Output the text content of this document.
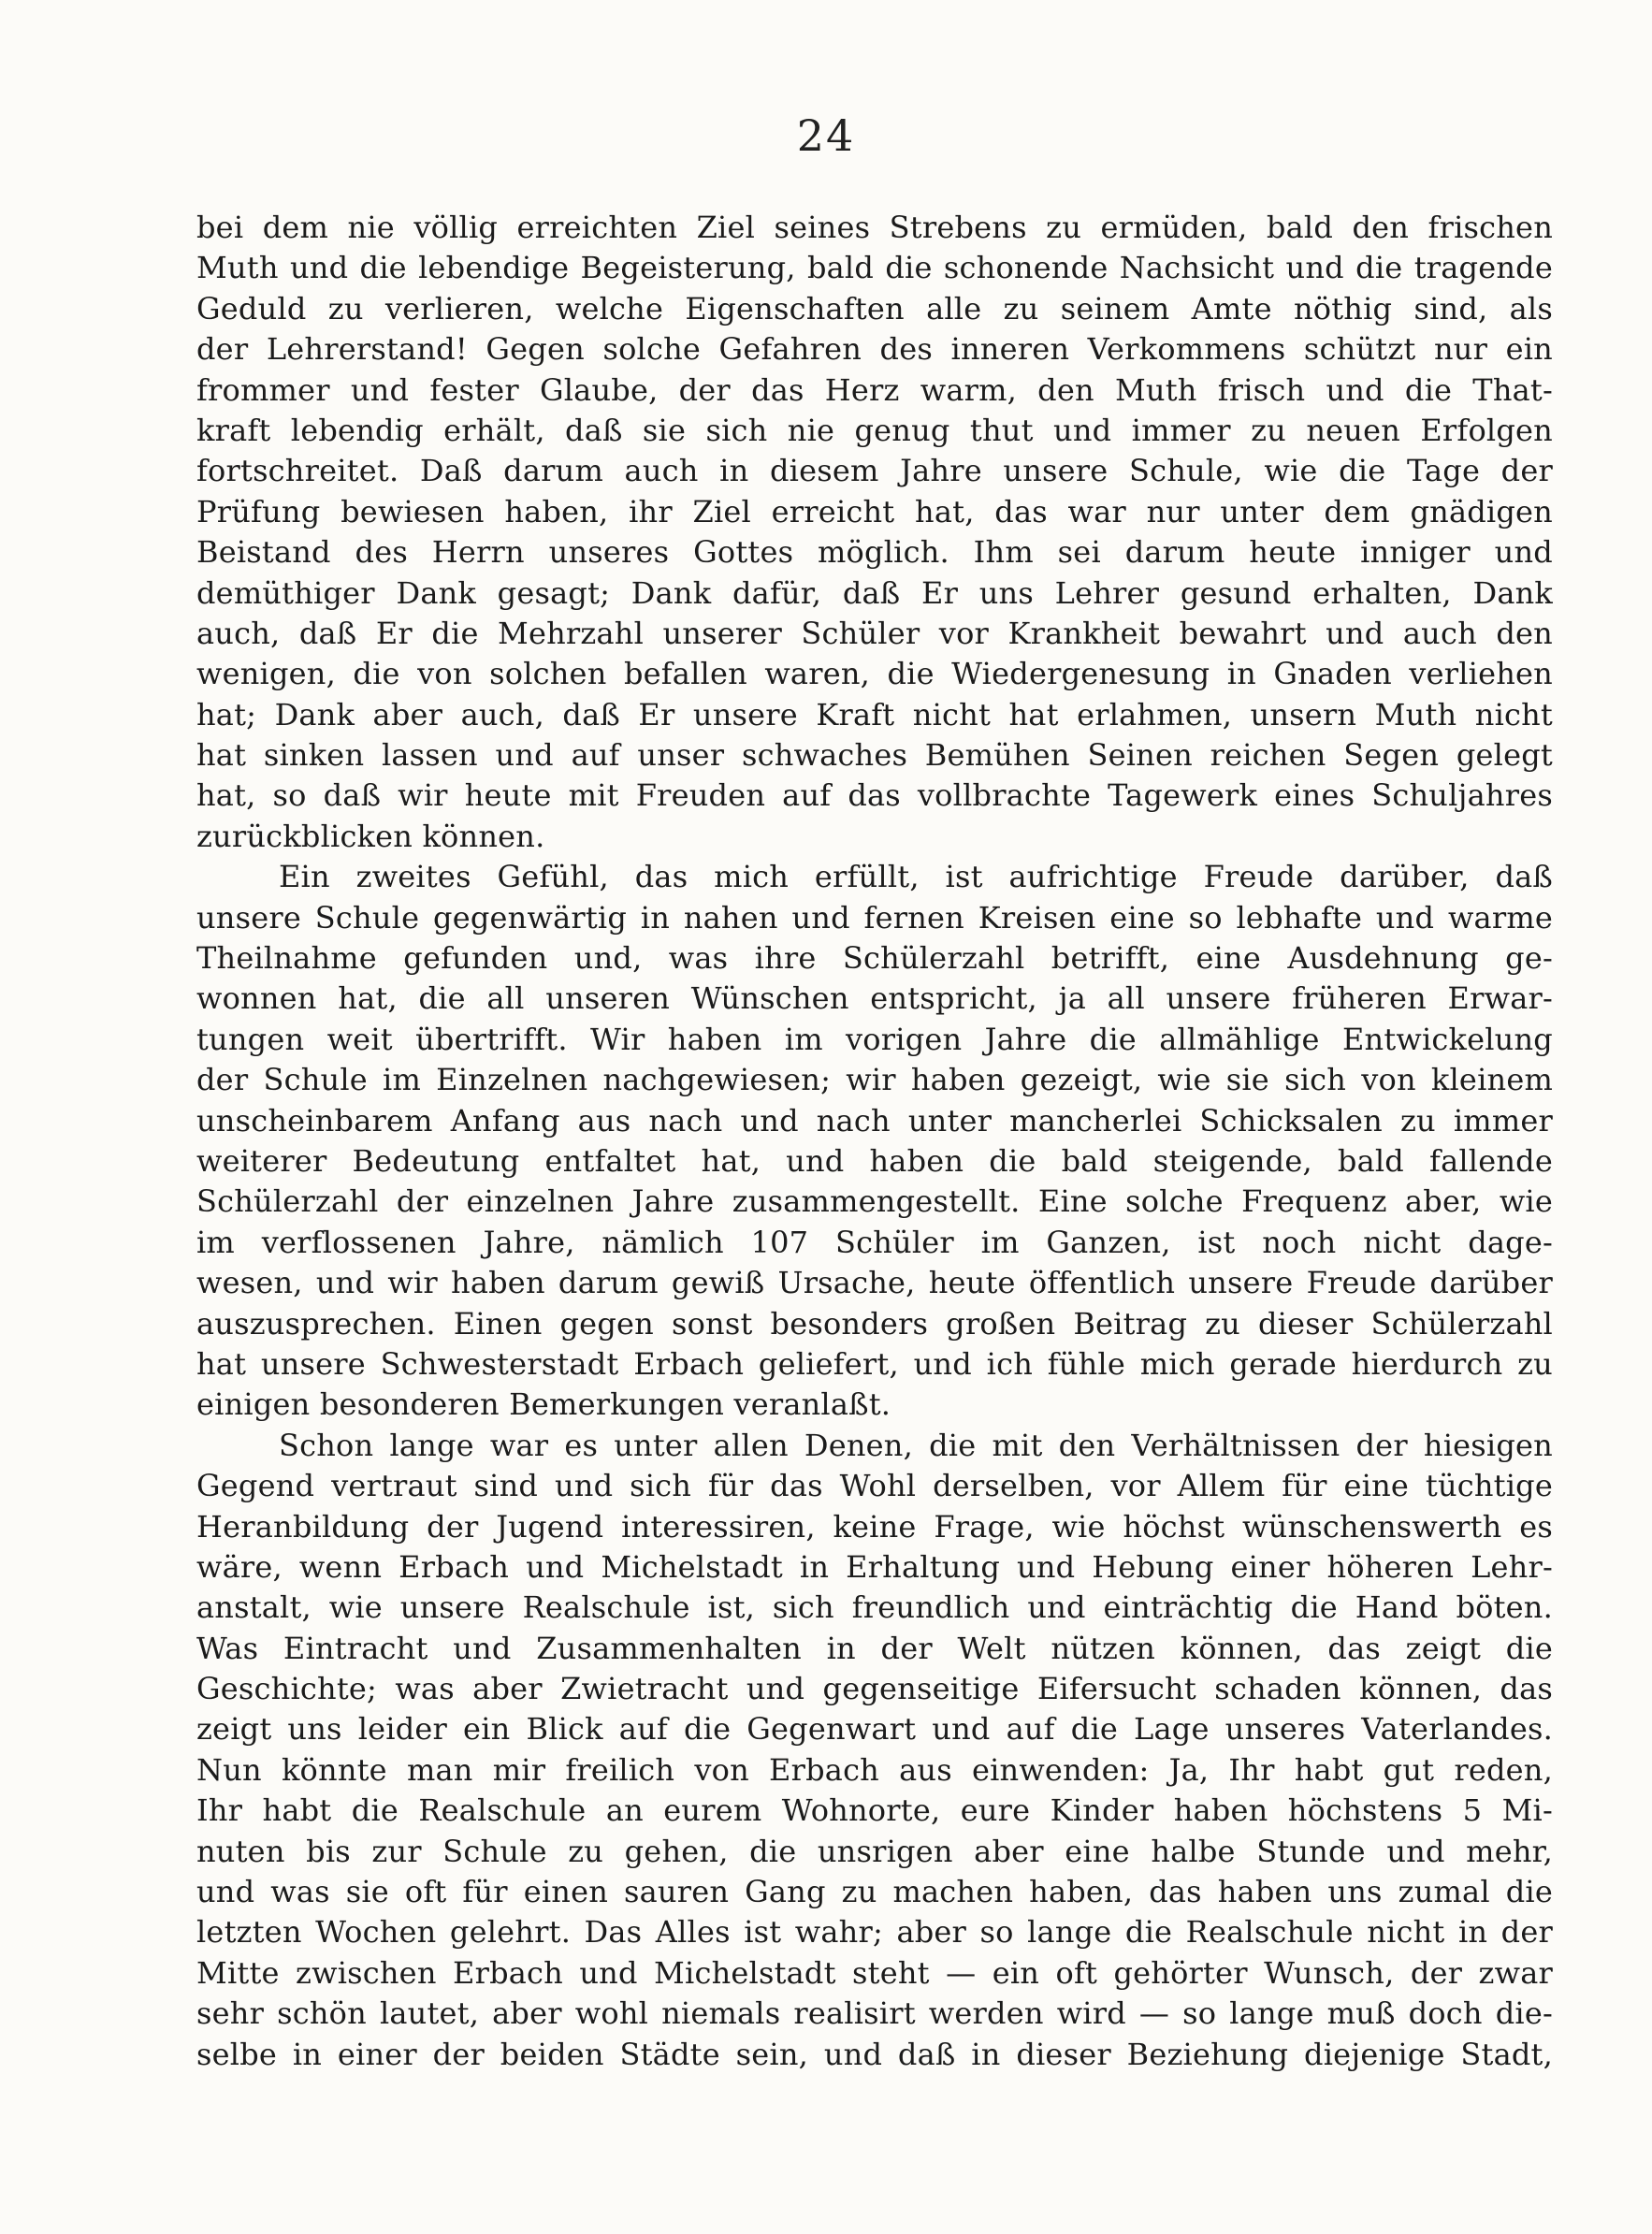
24
bei dem nie völlig erreichten Ziel seines Strebens zu ermüden, bald den frischen
Muth und die lebendige Begeisterung, bald die schonende Nachsicht und die tragende
Geduld zu verlieren, welche Eigenschaften alle zu seinem Amte nöthig sind, als
der Lehrerstand! Gegen solche Gefahren des inneren Verkommens schützt nur ein
frommer und fester Glaube, der das Herz warm, den Muth frisch und die That-
kraft lebendig erhält, daß sie sich nie genug thut und immer zu neuen Erfolgen
fortschreitet. Daß darum auch in diesem Jahre unsere Schule, wie die Tage der
Prüfung bewiesen haben, ihr Ziel erreicht hat, das war nur unter dem gnädigen
Beistand des Herrn unseres Gottes möglich. Ihm sei darum heute inniger und
demüthiger Dank gesagt; Dank dafür, daß Er uns Lehrer gesund erhalten, Dank
auch, daß Er die Mehrzahl unserer Schüler vor Krankheit bewahrt und auch den
wenigen, die von solchen befallen waren, die Wiedergenesung in Gnaden verliehen
hat; Dank aber auch, daß Er unsere Kraft nicht hat erlahmen, unsern Muth nicht
hat sinken lassen und auf unser schwaches Bemühen Seinen reichen Segen gelegt
hat, so daß wir heute mit Freuden auf das vollbrachte Tagewerk eines Schuljahres
zurückblicken können.
Ein zweites Gefühl, das mich erfüllt, ist aufrichtige Freude darüber, daß
unsere Schule gegenwärtig in nahen und fernen Kreisen eine so lebhafte und warme
Theilnahme gefunden und, was ihre Schülerzahl betrifft, eine Ausdehnung ge-
wonnen hat, die all unseren Wünschen entspricht, ja all unsere früheren Erwar-
tungen weit übertrifft. Wir haben im vorigen Jahre die allmählige Entwickelung
der Schule im Einzelnen nachgewiesen; wir haben gezeigt, wie sie sich von kleinem
unscheinbarem Anfang aus nach und nach unter mancherlei Schicksalen zu immer
weiterer Bedeutung entfaltet hat, und haben die bald steigende, bald fallende
Schülerzahl der einzelnen Jahre zusammengestellt. Eine solche Frequenz aber, wie
im verflossenen Jahre, nämlich 107 Schüler im Ganzen, ist noch nicht dage-
wesen, und wir haben darum gewiß Ursache, heute öffentlich unsere Freude darüber
auszusprechen. Einen gegen sonst besonders großen Beitrag zu dieser Schülerzahl
hat unsere Schwesterstadt Erbach geliefert, und ich fühle mich gerade hierdurch zu
einigen besonderen Bemerkungen veranlaßt.
Schon lange war es unter allen Denen, die mit den Verhältnissen der hiesigen
Gegend vertraut sind und sich für das Wohl derselben, vor Allem für eine tüchtige
Heranbildung der Jugend interessiren, keine Frage, wie höchst wünschenswerth es
wäre, wenn Erbach und Michelstadt in Erhaltung und Hebung einer höheren Lehr-
anstalt, wie unsere Realschule ist, sich freundlich und einträchtig die Hand böten.
Was Eintracht und Zusammenhalten in der Welt nützen können, das zeigt die
Geschichte; was aber Zwietracht und gegenseitige Eifersucht schaden können, das
zeigt uns leider ein Blick auf die Gegenwart und auf die Lage unseres Vaterlandes.
Nun könnte man mir freilich von Erbach aus einwenden: Ja, Ihr habt gut reden,
Ihr habt die Realschule an eurem Wohnorte, eure Kinder haben höchstens 5 Mi-
nuten bis zur Schule zu gehen, die unsrigen aber eine halbe Stunde und mehr,
und was sie oft für einen sauren Gang zu machen haben, das haben uns zumal die
letzten Wochen gelehrt. Das Alles ist wahr; aber so lange die Realschule nicht in der
Mitte zwischen Erbach und Michelstadt steht — ein oft gehörter Wunsch, der zwar
sehr schön lautet, aber wohl niemals realisirt werden wird — so lange muß doch die-
selbe in einer der beiden Städte sein, und daß in dieser Beziehung diejenige Stadt,
